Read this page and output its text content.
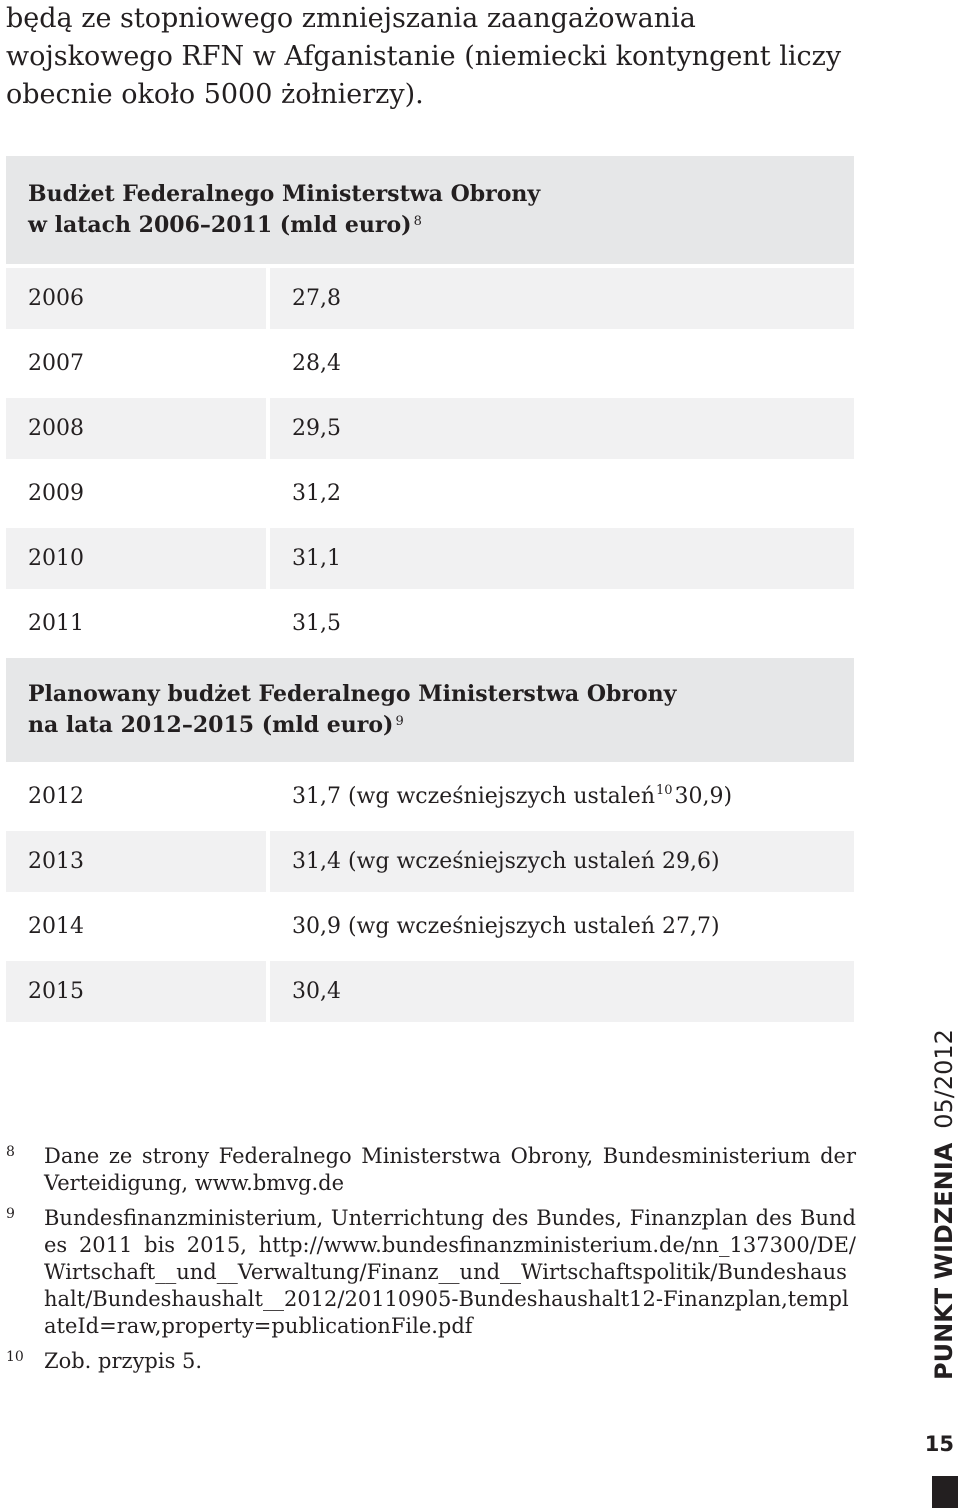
będą ze stopniowego zmniejszania zaangażowania wojskowego RFN w Afganistanie (niemiecki kontyngent liczy obecnie około 5000 żołnierzy).

Budżet Federalnego Ministerstwa Obrony
w latach 2006–2011 (mld euro) $^8$
2006	27,8
2007	28,4
2008	29,5
2009	31,2
2010	31,1
2011	31,5
Planowany budżet Federalnego Ministerstwa Obrony
na lata 2012–2015 (mld euro) $^9$
2012	31,7 (wg wcześniejszych ustaleń$^{10}$ 30,9)
2013	31,4 (wg wcześniejszych ustaleń 29,6)
2014	30,9 (wg wcześniejszych ustaleń 27,7)
2015	30,4
8	Dane ze strony Federalnego Ministerstwa Obrony, Bundesministerium der Verteidigung, www.bmvg.de
9	Bundesfinanzministerium, Unterrichtung des Bundes, Finanzplan des Bundes 2011 bis 2015, http://www.bundesfinanzministerium.de/nn_137300/DE/Wirtschaft__und__Verwaltung/Finanz__und__Wirtschaftspolitik/Bundeshaushalt/Bundeshaushalt__2012/20110905-Bundeshaushalt12-Finanzplan,templateId=raw,property=publicationFile.pdf
10 Zob. przypis 5.	PUNKT WIDZENIA05/2012
15
